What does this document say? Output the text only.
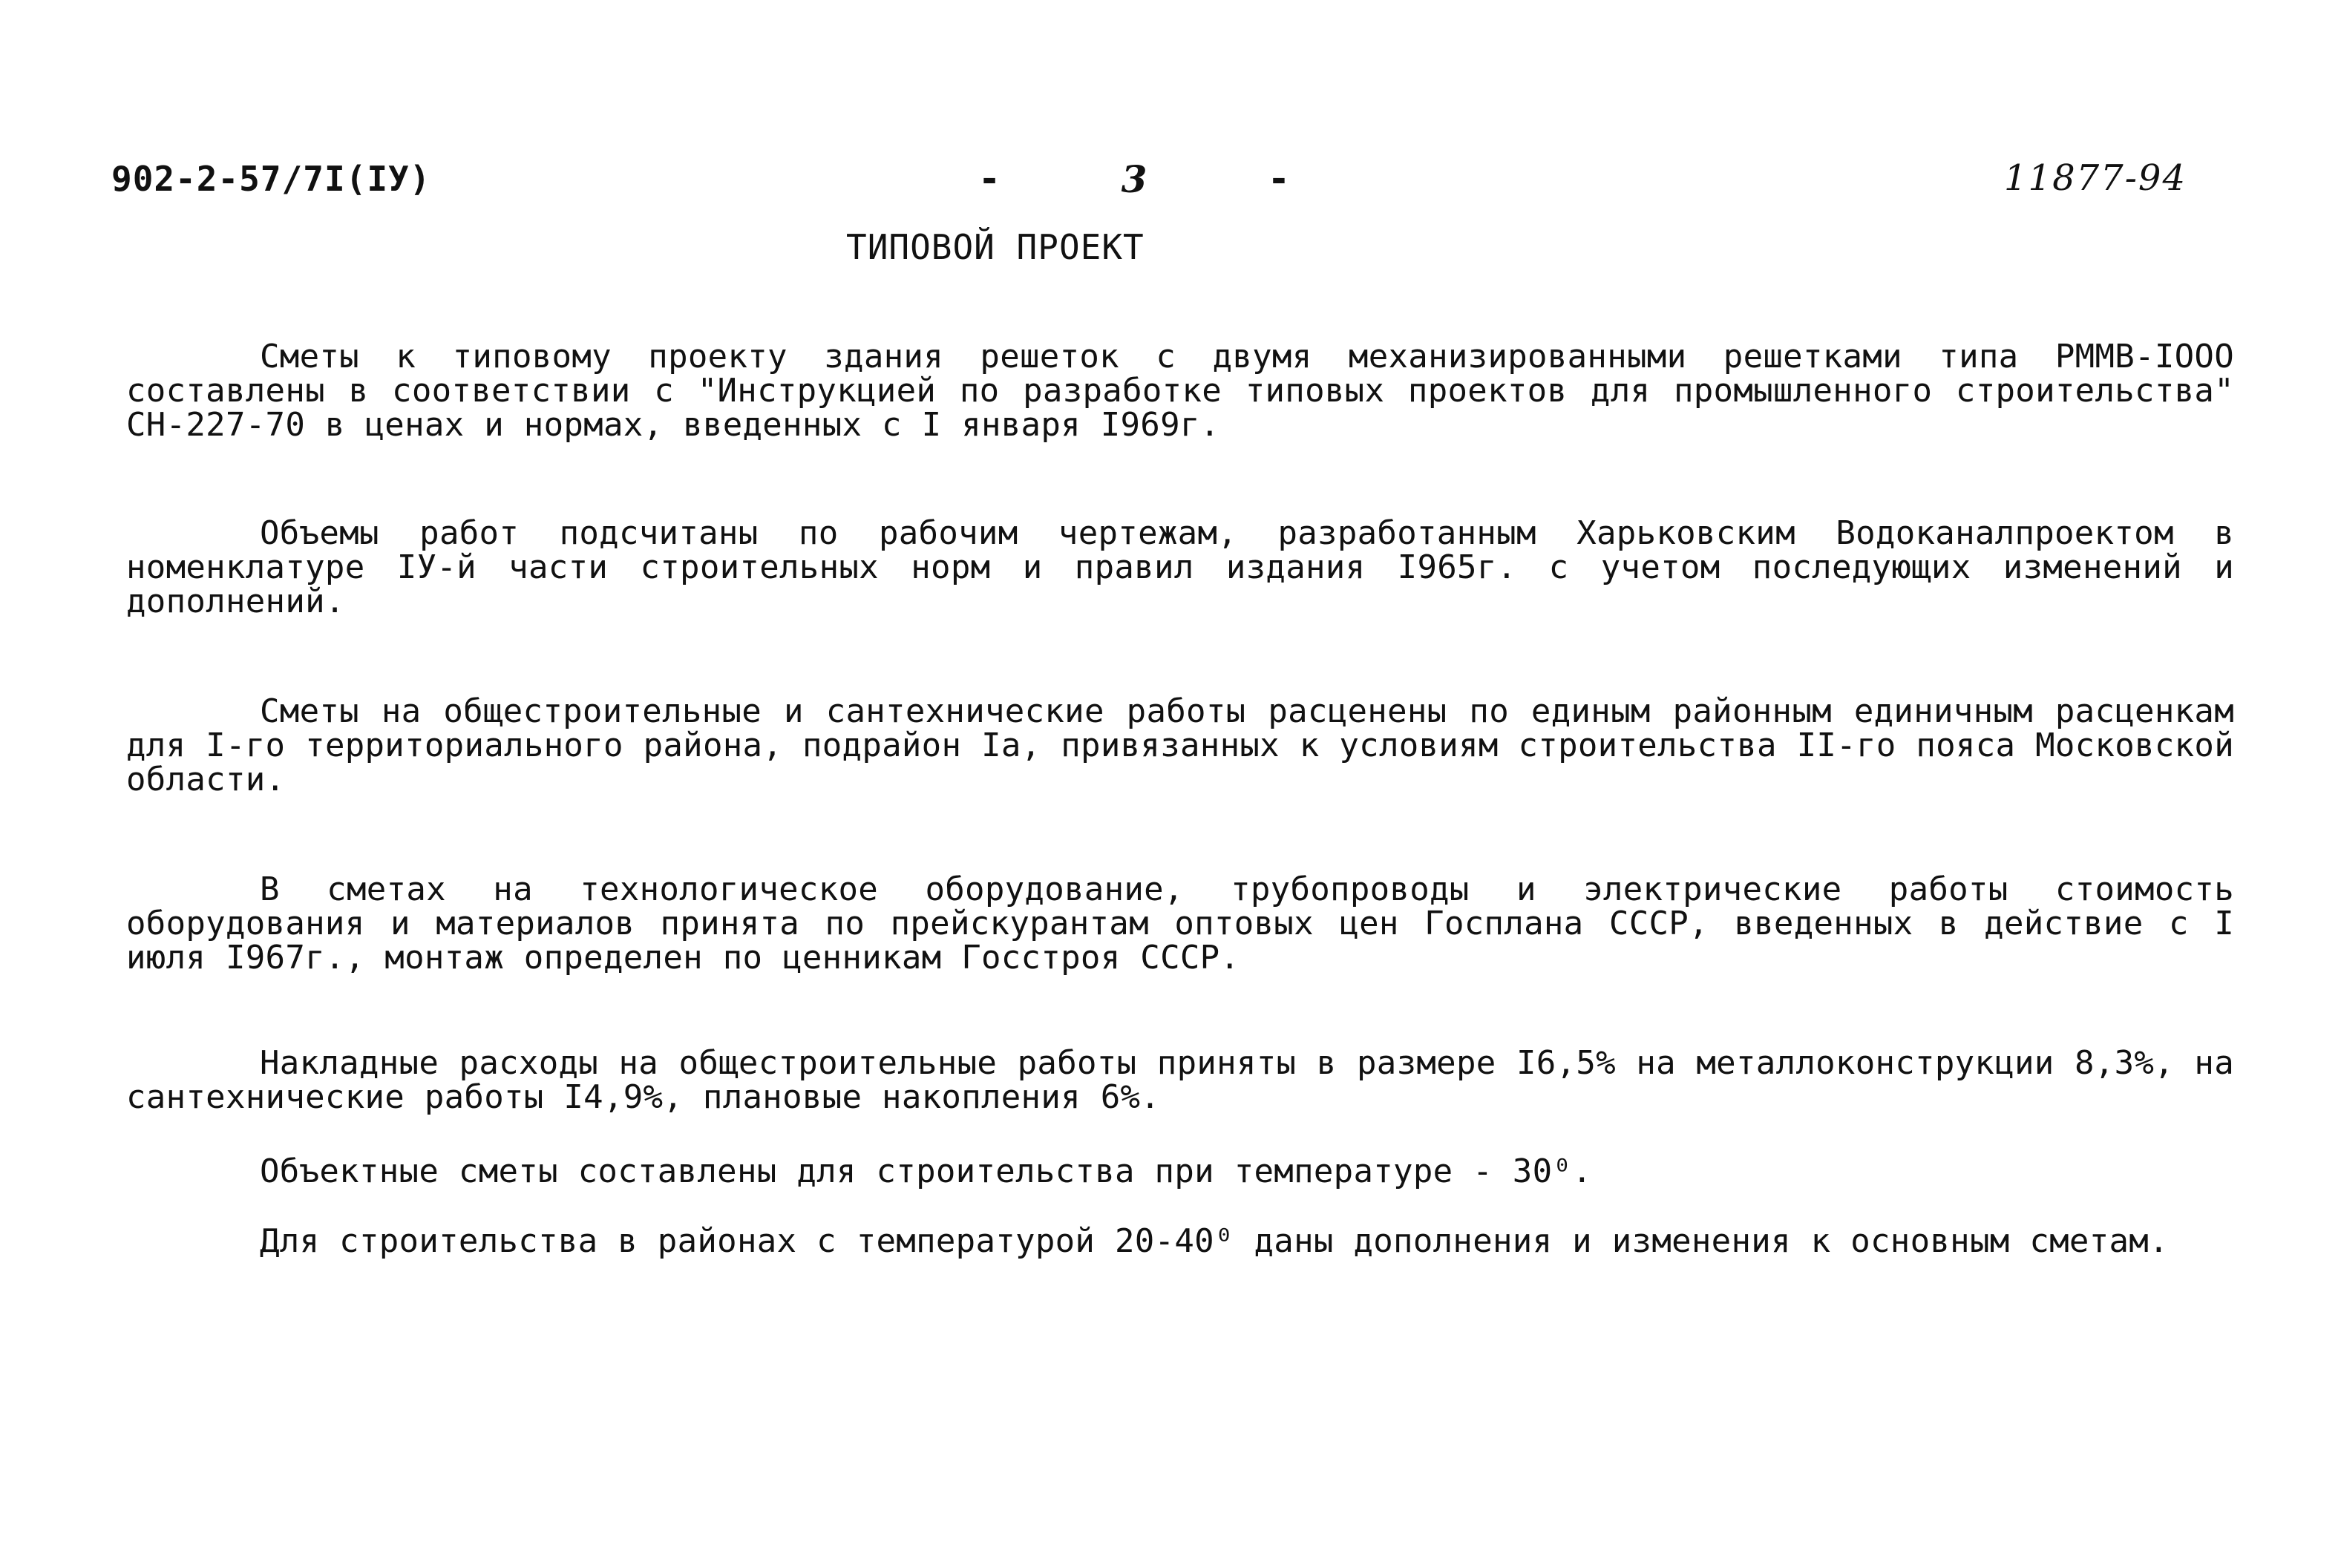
902-2-57/7I(IУ)	-	3	-	11877-94
ТИПОВОЙ ПРОЕКТ

Сметы к типовому проекту здания решеток с двумя механизированными решетками типа РММВ-IOOO составлены в соответствии с "Инструкцией по разработке типовых проектов для промышленного строительства" СН-227-70 в ценах и нормах, введенных с I января I969г.

Объемы работ подсчитаны по рабочим чертежам, разработанным Харьковским Водоканалпроектом в номенклатуре IУ-й части строительных норм и правил издания I965г. с учетом последующих изменений и дополнений.

Сметы на общестроительные и сантехнические работы расценены по единым районным единичным расценкам для I-го территориального района, подрайон Iа, привязанных к условиям строительства II-го пояса Московской области.

В сметах на технологическое оборудование, трубопроводы и электрические работы стоимость оборудования и материалов принята по прейскурантам оптовых цен Госплана СССР, введенных в действие с I июля I967г., монтаж определен по ценникам Госстроя СССР.

Накладные расходы на общестроительные работы приняты в размере I6,5% на металлоконструкции 8,3%, на сантехнические работы I4,9%, плановые накопления 6%.

Объектные сметы составлены для строительства при температуре - 30⁰.

Для строительства в районах с температурой 20-40⁰ даны дополнения и изменения к основным сметам.
